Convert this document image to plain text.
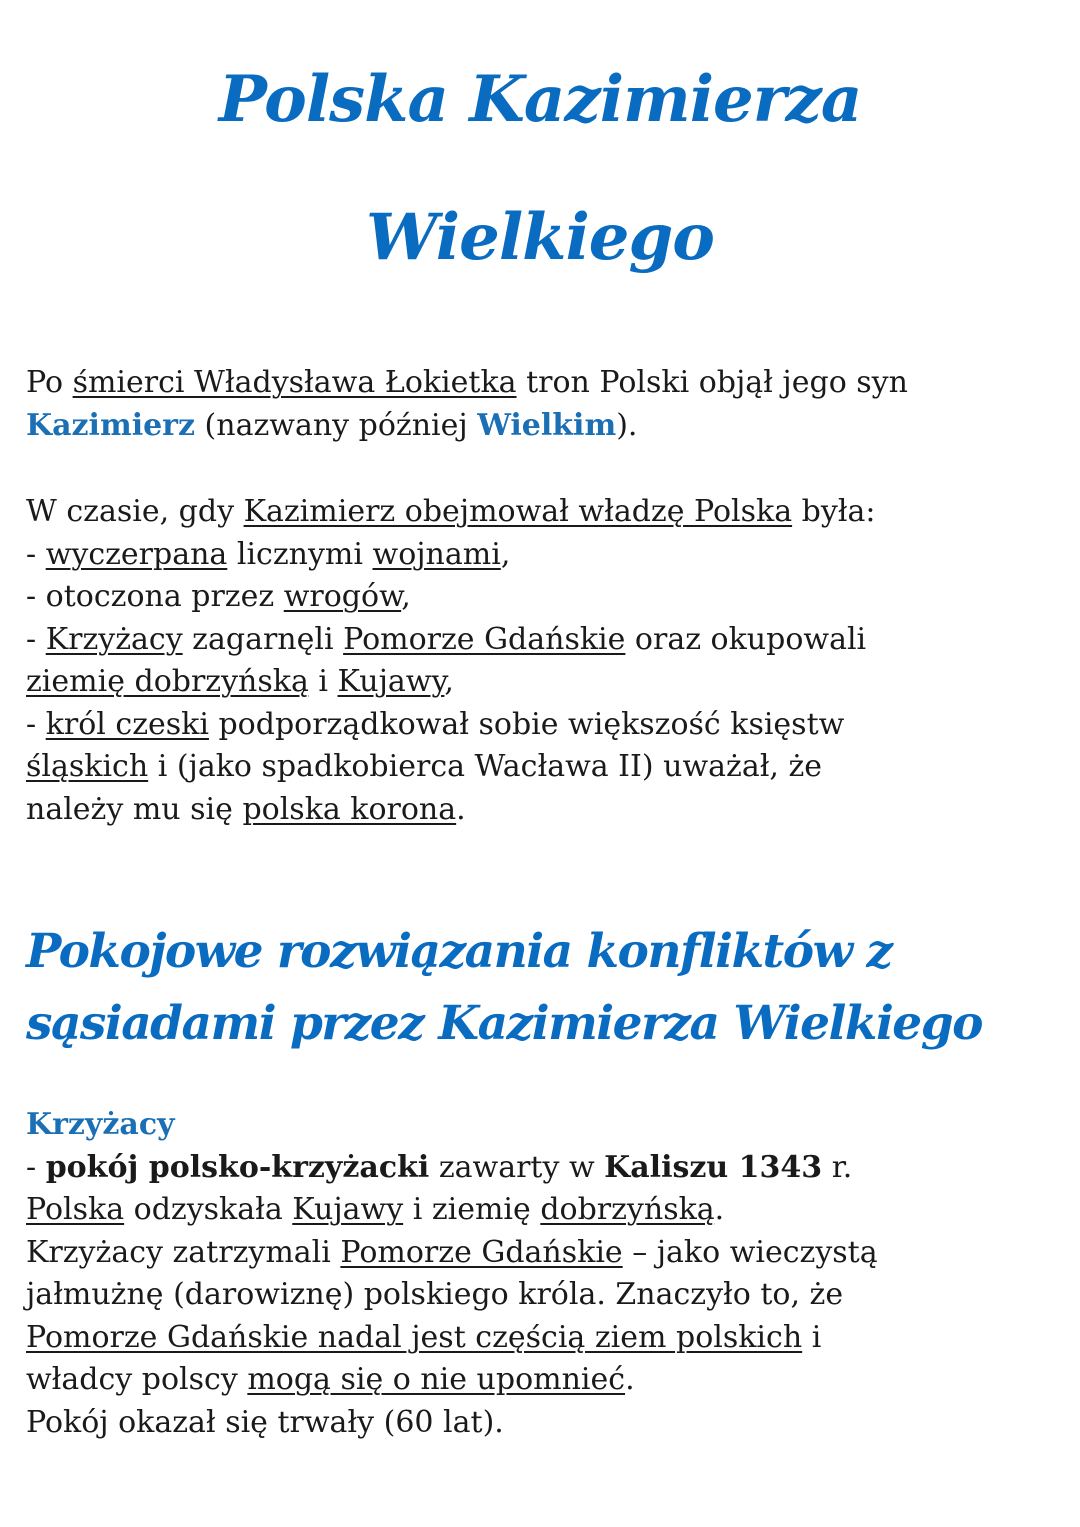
Polska Kazimierza
Wielkiego
Po śmierci Władysława Łokietka tron Polski objął jego syn
Kazimierz (nazwany później Wielkim).
W czasie, gdy Kazimierz obejmował władzę Polska była:
- wyczerpana licznymi wojnami,
- otoczona przez wrogów,
- Krzyżacy zagarnęli Pomorze Gdańskie oraz okupowali
ziemię dobrzyńską i Kujawy,
- król czeski podporządkował sobie większość księstw
śląskich i (jako spadkobierca Wacława II) uważał, że
należy mu się polska korona.
Pokojowe rozwiązania konfliktów z
sąsiadami przez Kazimierza Wielkiego
Krzyżacy
- pokój polsko-krzyżacki zawarty w Kaliszu 1343 r.
Polska odzyskała Kujawy i ziemię dobrzyńską.
Krzyżacy zatrzymali Pomorze Gdańskie – jako wieczystą
jałmużnę (darowiznę) polskiego króla. Znaczyło to, że
Pomorze Gdańskie nadal jest częścią ziem polskich i
władcy polscy mogą się o nie upomnieć.
Pokój okazał się trwały (60 lat).
